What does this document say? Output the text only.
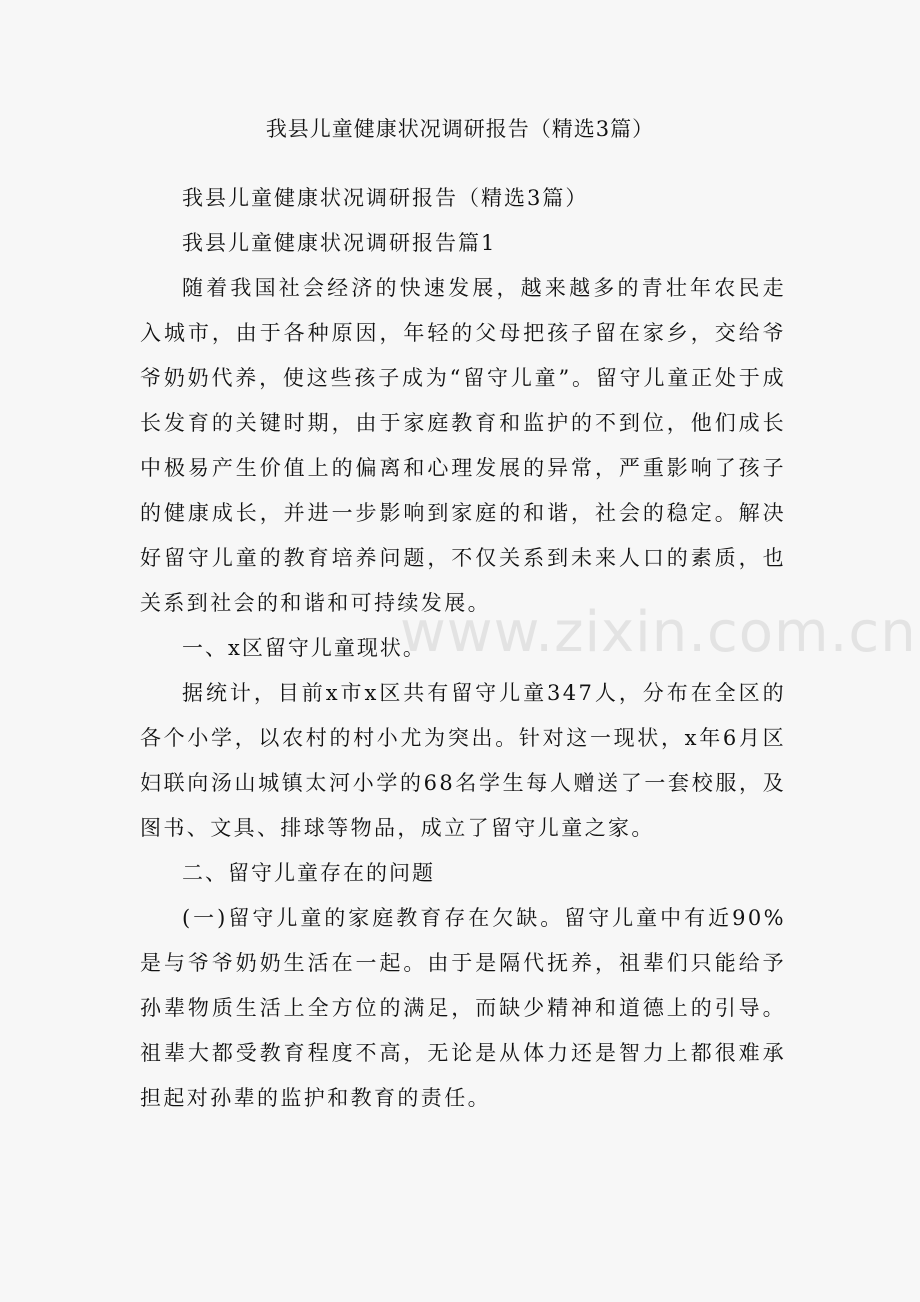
我县儿童健康状况调研报告（精选3篇）

我县儿童健康状况调研报告（精选3篇）

我县儿童健康状况调研报告篇1

随着我国社会经济的快速发展，越来越多的青壮年农民走入城市，由于各种原因，年轻的父母把孩子留在家乡，交给爷爷奶奶代养，使这些孩子成为“留守儿童”。留守儿童正处于成长发育的关键时期，由于家庭教育和监护的不到位，他们成长中极易产生价值上的偏离和心理发展的异常，严重影响了孩子的健康成长，并进一步影响到家庭的和谐，社会的稳定。解决好留守儿童的教育培养问题，不仅关系到未来人口的素质，也关系到社会的和谐和可持续发展。

一、x区留守儿童现状。

据统计，目前x市x区共有留守儿童347人，分布在全区的各个小学，以农村的村小尤为突出。针对这一现状，x年6月区妇联向汤山城镇太河小学的68名学生每人赠送了一套校服，及图书、文具、排球等物品，成立了留守儿童之家。

二、留守儿童存在的问题

(一)留守儿童的家庭教育存在欠缺。留守儿童中有近90%是与爷爷奶奶生活在一起。由于是隔代抚养，祖辈们只能给予孙辈物质生活上全方位的满足，而缺少精神和道德上的引导。祖辈大都受教育程度不高，无论是从体力还是智力上都很难承担起对孙辈的监护和教育的责任。

www.zixin.com.cn
